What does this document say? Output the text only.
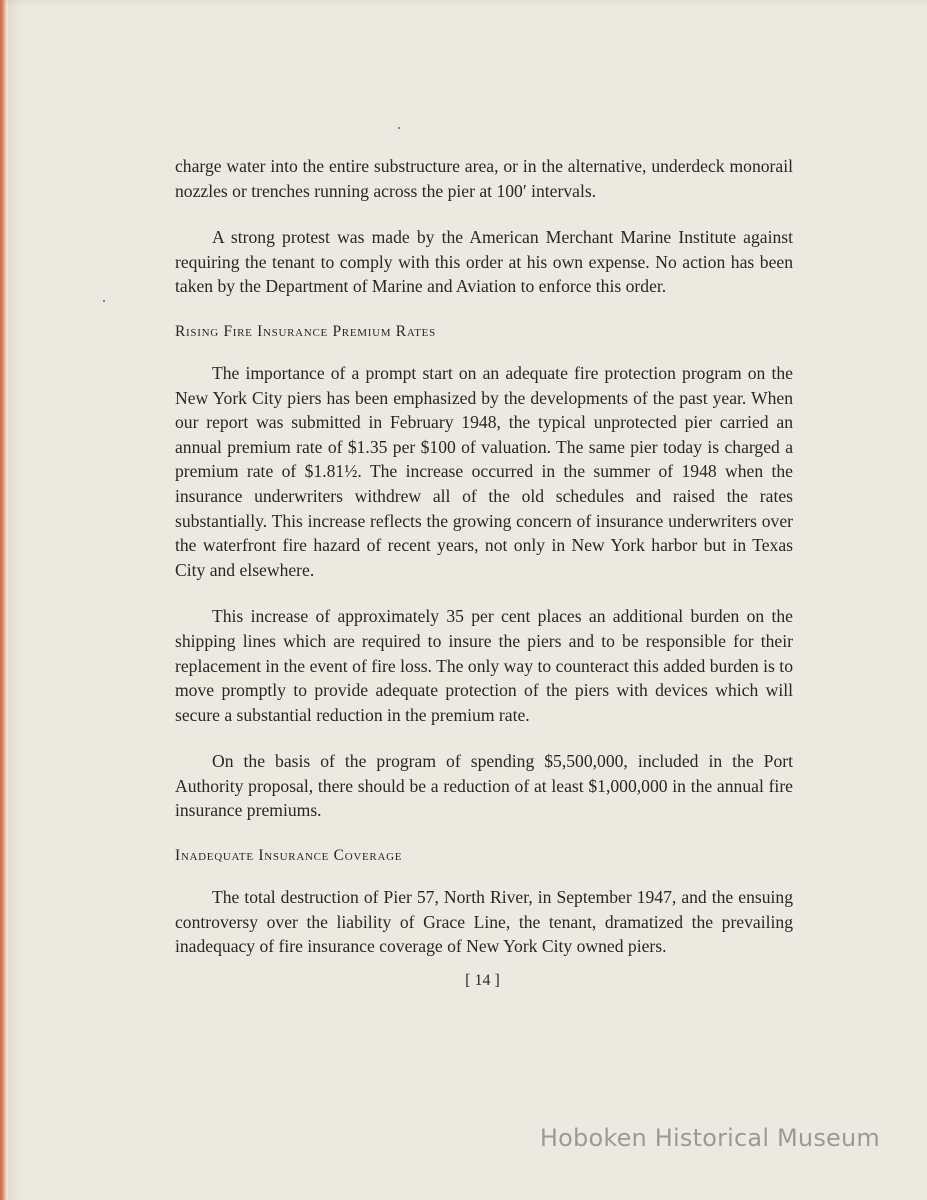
charge water into the entire substructure area, or in the alternative, underdeck monorail nozzles or trenches running across the pier at 100′ intervals.

A strong protest was made by the American Merchant Marine Institute against requiring the tenant to comply with this order at his own expense. No action has been taken by the Department of Marine and Aviation to enforce this order.

Rising Fire Insurance Premium Rates

The importance of a prompt start on an adequate fire protection program on the New York City piers has been emphasized by the developments of the past year. When our report was submitted in February 1948, the typical unprotected pier carried an annual premium rate of $1.35 per $100 of valuation. The same pier today is charged a premium rate of $1.81½. The increase occurred in the summer of 1948 when the insurance underwriters withdrew all of the old schedules and raised the rates substantially. This increase reflects the growing concern of insurance underwriters over the waterfront fire hazard of recent years, not only in New York harbor but in Texas City and elsewhere.

This increase of approximately 35 per cent places an additional burden on the shipping lines which are required to insure the piers and to be responsible for their replacement in the event of fire loss. The only way to counteract this added burden is to move promptly to provide adequate protection of the piers with devices which will secure a substantial reduction in the premium rate.

On the basis of the program of spending $5,500,000, included in the Port Authority proposal, there should be a reduction of at least $1,000,000 in the annual fire insurance premiums.

Inadequate Insurance Coverage

The total destruction of Pier 57, North River, in September 1947, and the ensuing controversy over the liability of Grace Line, the tenant, dramatized the prevailing inadequacy of fire insurance coverage of New York City owned piers.

[ 14 ]
Hoboken Historical Museum
